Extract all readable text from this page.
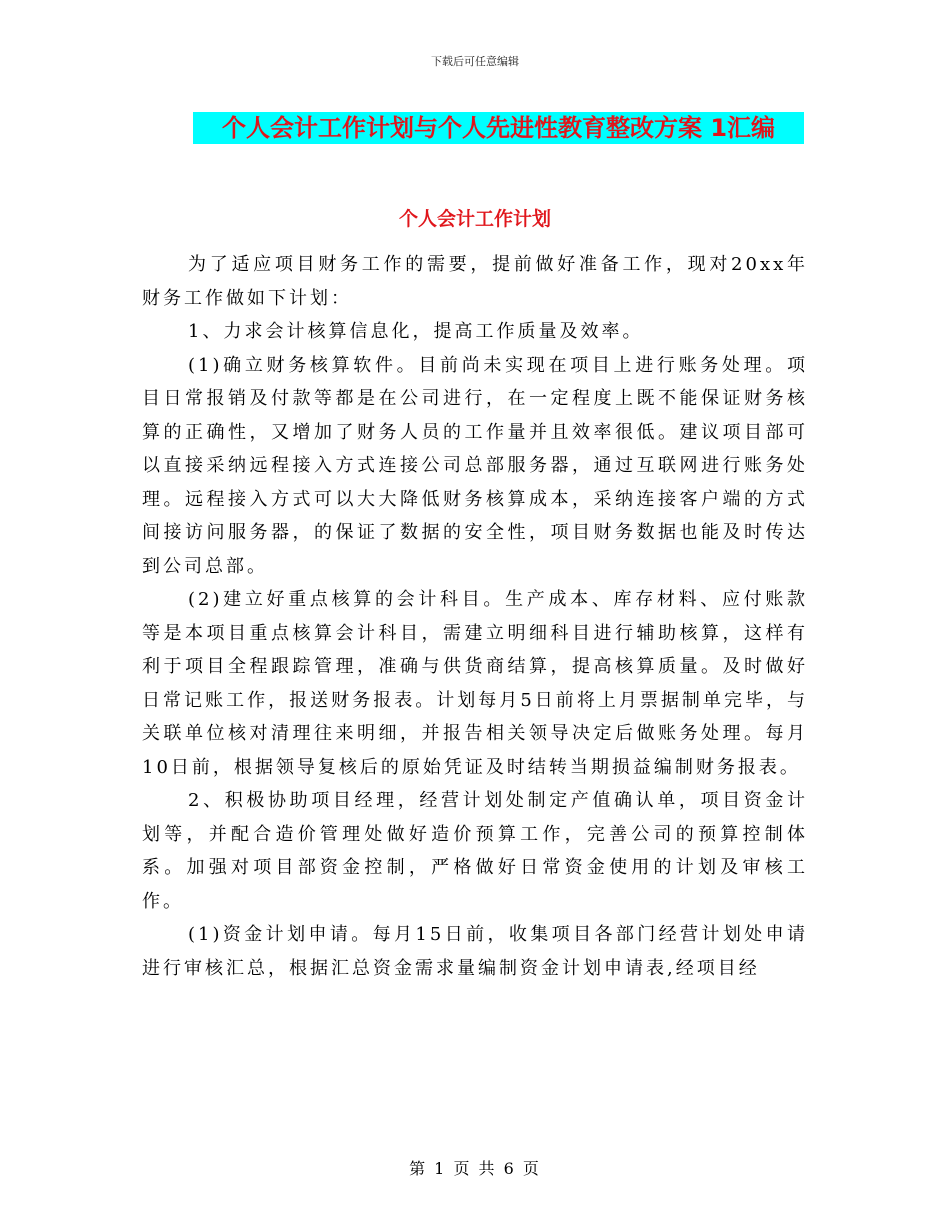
下载后可任意编辑
个人会计工作计划与个人先进性教育整改方案 1汇编
个人会计工作计划

为了适应项目财务工作的需要，提前做好准备工作，现对20xx年财务工作做如下计划：

1、力求会计核算信息化，提高工作质量及效率。

(1)确立财务核算软件。目前尚未实现在项目上进行账务处理。项目日常报销及付款等都是在公司进行，在一定程度上既不能保证财务核算的正确性，又增加了财务人员的工作量并且效率很低。建议项目部可以直接采纳远程接入方式连接公司总部服务器，通过互联网进行账务处理。远程接入方式可以大大降低财务核算成本，采纳连接客户端的方式间接访问服务器，的保证了数据的安全性，项目财务数据也能及时传达到公司总部。

(2)建立好重点核算的会计科目。生产成本、库存材料、应付账款等是本项目重点核算会计科目，需建立明细科目进行辅助核算，这样有利于项目全程跟踪管理，准确与供货商结算，提高核算质量。及时做好日常记账工作，报送财务报表。计划每月5日前将上月票据制单完毕，与关联单位核对清理往来明细，并报告相关领导决定后做账务处理。每月10日前，根据领导复核后的原始凭证及时结转当期损益编制财务报表。

2、积极协助项目经理，经营计划处制定产值确认单，项目资金计划等，并配合造价管理处做好造价预算工作，完善公司的预算控制体系。加强对项目部资金控制，严格做好日常资金使用的计划及审核工作。

(1)资金计划申请。每月15日前，收集项目各部门经营计划处申请进行审核汇总，根据汇总资金需求量编制资金计划申请表,经项目经

第 1 页 共 6 页
